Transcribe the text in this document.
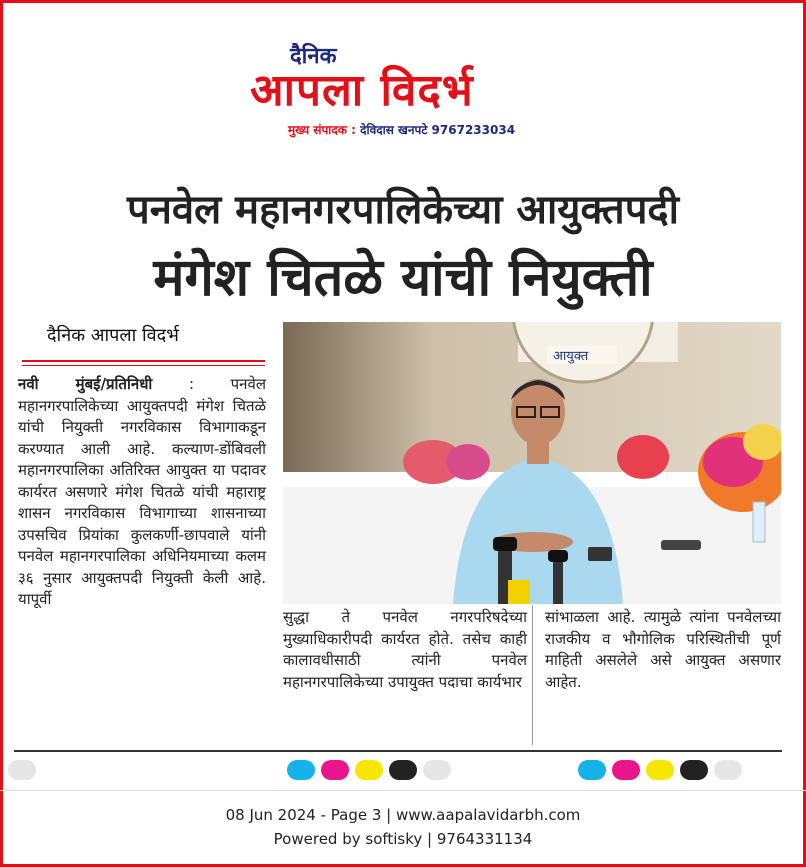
दैनिक
आपला विदर्भ
मुख्य संपादक : देविदास खनपटे 9767233034
पनवेल महानगरपालिकेच्या आयुक्तपदी
मंगेश चितळे यांची नियुक्ती
दैनिक आपला विदर्भ
नवी मुंबई/प्रतिनिधी : पनवेल महानगरपालिकेच्या आयुक्तपदी मंगेश चितळे यांची नियुक्ती नगरविकास विभागाकडून करण्यात आली आहे. कल्याण-डोंबिवली महानगरपालिका अतिरिक्त आयुक्त या पदावर कार्यरत असणारे मंगेश चितळे यांची महाराष्ट्र शासन नगरविकास विभागाच्या शासनाच्या उपसचिव प्रियांका कुलकर्णी-छापवाले यांनी पनवेल महानगरपालिका अधिनियमाच्या कलम ३६ नुसार आयुक्तपदी नियुक्ती केली आहे. यापूर्वी
आयुक्त
सुद्धा ते पनवेल नगरपरिषदेच्या मुख्याधिकारीपदी कार्यरत होते. तसेच काही कालावधीसाठी त्यांनी पनवेल महानगरपालिकेच्या उपायुक्त पदाचा कार्यभार
सांभाळला आहे. त्यामुळे त्यांना पनवेलच्या राजकीय व भौगोलिक परिस्थितीची पूर्ण माहिती असलेले असे आयुक्त असणार आहेत.
08 Jun 2024 - Page 3 | www.aapalavidarbh.com
Powered by softisky | 9764331134
